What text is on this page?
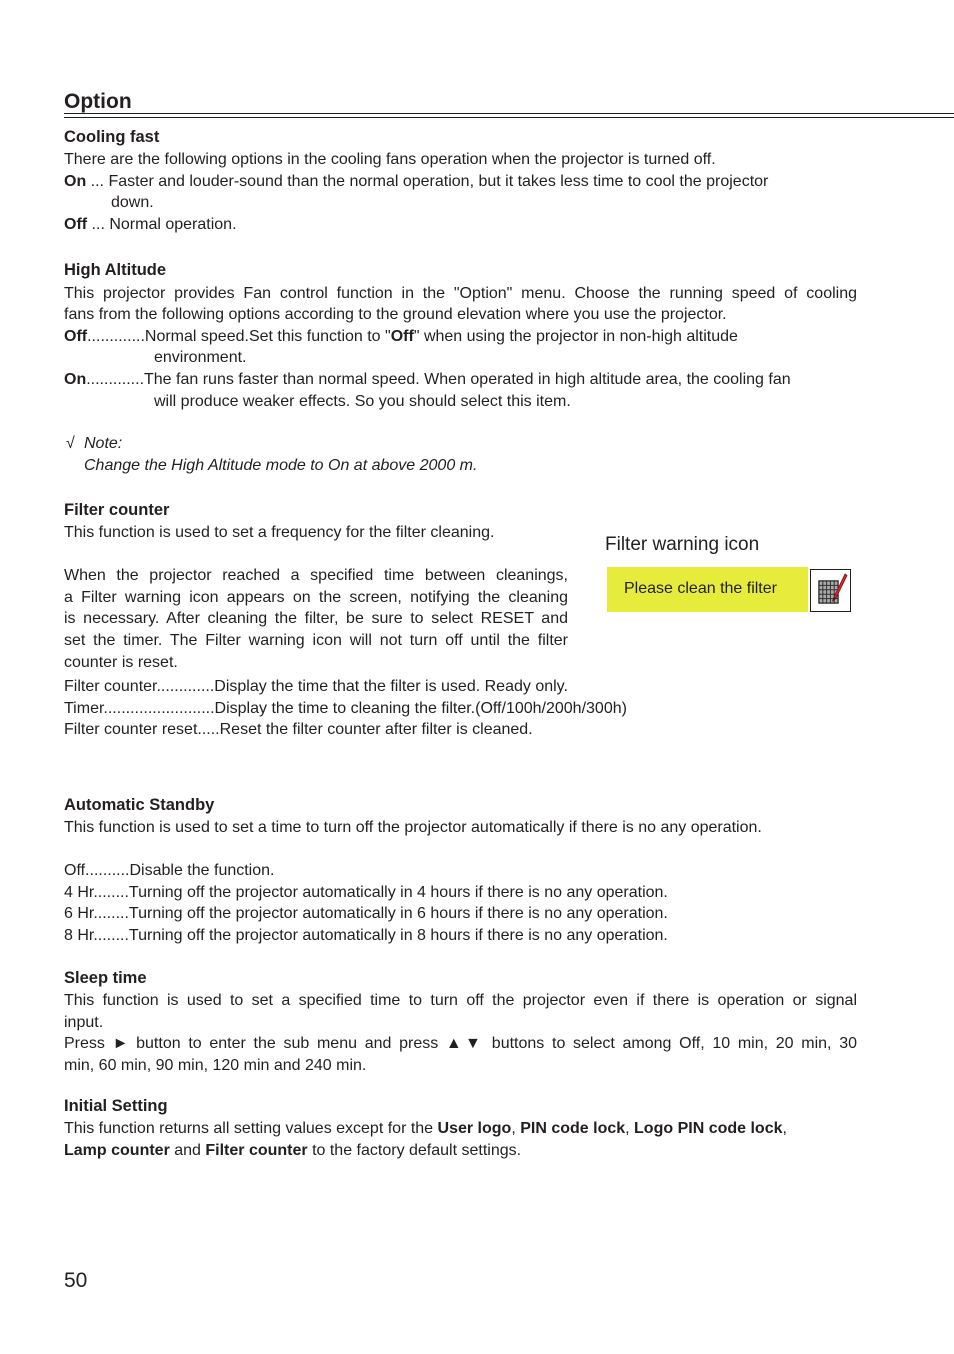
Option
Cooling fast
There are the following options in the cooling fans operation when the projector is turned off.
On ... Faster and louder-sound than the normal operation, but it takes less time to cool the projector
down.
Off ... Normal operation.
High Altitude
This projector provides Fan control function in the "Option" menu. Choose the running speed of cooling
fans from the following options according to the ground elevation where you use the projector.
Off.............Normal speed.Set this function to "Off" when using the projector in non-high altitude
environment.
On.............The fan runs faster than normal speed. When operated in high altitude area, the cooling fan
will produce weaker effects. So you should select this item.
√ Note:
Change the High Altitude mode to On at above 2000 m.
Filter counter
This function is used to set a frequency for the filter cleaning.
When the projector reached a specified time between cleanings,
a Filter warning icon appears on the screen, notifying the cleaning
is necessary. After cleaning the filter, be sure to select RESET and
set the timer. The Filter warning icon will not turn off until the filter
counter is reset.
Filter counter.............Display the time that the filter is used. Ready only.
Timer.........................Display the time to cleaning the filter.(Off/100h/200h/300h)
Filter counter reset.....Reset the filter counter after filter is cleaned.
Filter warning icon
Please clean the filter
Automatic Standby
This function is used to set a time to turn off the projector automatically if there is no any operation.
Off..........Disable the function.
4 Hr........Turning off the projector automatically in 4 hours if there is no any operation.
6 Hr........Turning off the projector automatically in 6 hours if there is no any operation.
8 Hr........Turning off the projector automatically in 8 hours if there is no any operation.
Sleep time
This function is used to set a specified time to turn off the projector even if there is operation or signal
input.
Press ► button to enter the sub menu and press ▲▼ buttons to select among Off, 10 min, 20 min, 30
min, 60 min, 90 min, 120 min and 240 min.
Initial Setting
This function returns all setting values except for the User logo, PIN code lock, Logo PIN code lock,
Lamp counter and Filter counter to the factory default settings.
50
